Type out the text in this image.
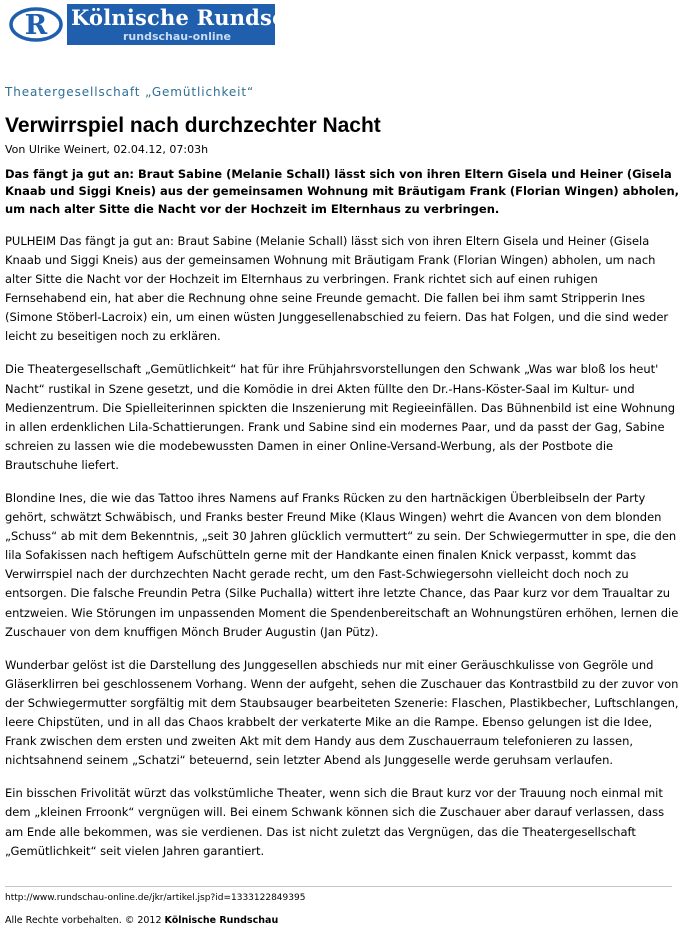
R Kölnische Rundschau
rundschau-online
Theatergesellschaft „Gemütlichkeit“
Verwirrspiel nach durchzechter Nacht
Von Ulrike Weinert, 02.04.12, 07:03h

Das fängt ja gut an: Braut Sabine (Melanie Schall) lässt sich von ihren Eltern Gisela und Heiner (Gisela Knaab und Siggi Kneis) aus der gemeinsamen Wohnung mit Bräutigam Frank (Florian Wingen) abholen, um nach alter Sitte die Nacht vor der Hochzeit im Elternhaus zu verbringen.

PULHEIM Das fängt ja gut an: Braut Sabine (Melanie Schall) lässt sich von ihren Eltern Gisela und Heiner (Gisela Knaab und Siggi Kneis) aus der gemeinsamen Wohnung mit Bräutigam Frank (Florian Wingen) abholen, um nach alter Sitte die Nacht vor der Hochzeit im Elternhaus zu verbringen. Frank richtet sich auf einen ruhigen Fernsehabend ein, hat aber die Rechnung ohne seine Freunde gemacht. Die fallen bei ihm samt Stripperin Ines (Simone Stöberl-Lacroix) ein, um einen wüsten Junggesellenabschied zu feiern. Das hat Folgen, und die sind weder leicht zu beseitigen noch zu erklären.

Die Theatergesellschaft „Gemütlichkeit“ hat für ihre Frühjahrsvorstellungen den Schwank „Was war bloß los heut' Nacht“ rustikal in Szene gesetzt, und die Komödie in drei Akten füllte den Dr.-Hans-Köster-Saal im Kultur- und Medienzentrum. Die Spielleiterinnen spickten die Inszenierung mit Regieeinfällen. Das Bühnenbild ist eine Wohnung in allen erdenklichen Lila-Schattierungen. Frank und Sabine sind ein modernes Paar, und da passt der Gag, Sabine schreien zu lassen wie die modebewussten Damen in einer Online-Versand-Werbung, als der Postbote die Brautschuhe liefert.

Blondine Ines, die wie das Tattoo ihres Namens auf Franks Rücken zu den hartnäckigen Überbleibseln der Party gehört, schwätzt Schwäbisch, und Franks bester Freund Mike (Klaus Wingen) wehrt die Avancen von dem blonden „Schuss“ ab mit dem Bekenntnis, „seit 30 Jahren glücklich vermuttert“ zu sein. Der Schwiegermutter in spe, die den lila Sofakissen nach heftigem Aufschütteln gerne mit der Handkante einen finalen Knick verpasst, kommt das Verwirrspiel nach der durchzechten Nacht gerade recht, um den Fast-Schwiegersohn vielleicht doch noch zu entsorgen. Die falsche Freundin Petra (Silke Puchalla) wittert ihre letzte Chance, das Paar kurz vor dem Traualtar zu entzweien. Wie Störungen im unpassenden Moment die Spendenbereitschaft an Wohnungstüren erhöhen, lernen die Zuschauer von dem knuffigen Mönch Bruder Augustin (Jan Pütz).

Wunderbar gelöst ist die Darstellung des Junggesellen abschieds nur mit einer Geräuschkulisse von Gegröle und Gläserklirren bei geschlossenem Vorhang. Wenn der aufgeht, sehen die Zuschauer das Kontrastbild zu der zuvor von der Schwiegermutter sorgfältig mit dem Staubsauger bearbeiteten Szenerie: Flaschen, Plastikbecher, Luftschlangen, leere Chipstüten, und in all das Chaos krabbelt der verkaterte Mike an die Rampe. Ebenso gelungen ist die Idee, Frank zwischen dem ersten und zweiten Akt mit dem Handy aus dem Zuschauerraum telefonieren zu lassen, nichtsahnend seinem „Schatzi“ beteuernd, sein letzter Abend als Junggeselle werde geruhsam verlaufen.

Ein bisschen Frivolität würzt das volkstümliche Theater, wenn sich die Braut kurz vor der Trauung noch einmal mit dem „kleinen Frroonk“ vergnügen will. Bei einem Schwank können sich die Zuschauer aber darauf verlassen, dass am Ende alle bekommen, was sie verdienen. Das ist nicht zuletzt das Vergnügen, das die Theatergesellschaft „Gemütlichkeit“ seit vielen Jahren garantiert.

http://www.rundschau-online.de/jkr/artikel.jsp?id=1333122849395
Alle Rechte vorbehalten. © 2012 Kölnische Rundschau
